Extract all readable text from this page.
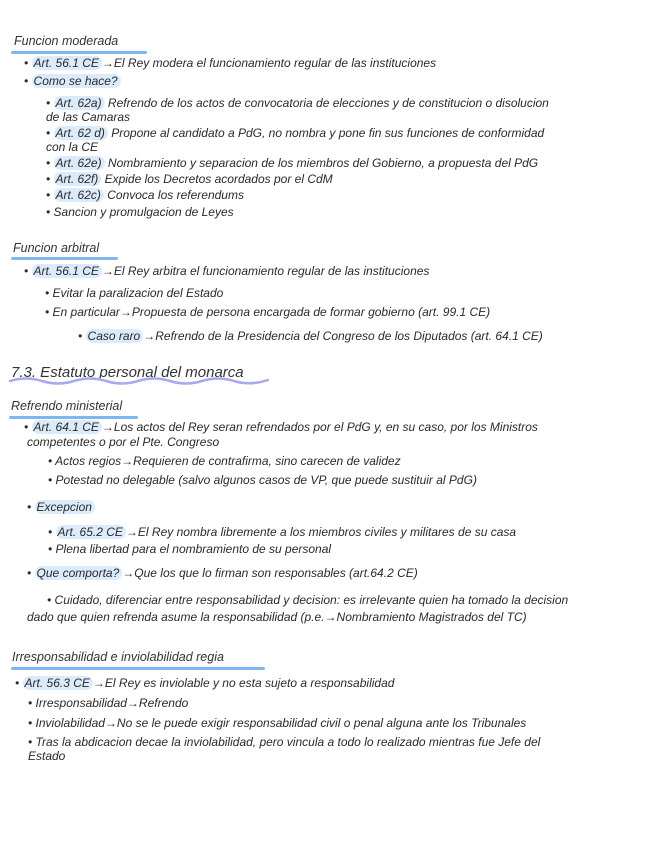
Funcion moderada
• Art. 56.1 CE →El Rey modera el funcionamiento regular de las instituciones
• Como se hace?
• Art. 62a) Refrendo de los actos de convocatoria de elecciones y de constitucion o disolucion
de las Camaras
• Art. 62 d) Propone al candidato a PdG, no nombra y pone fin sus funciones de conformidad
con la CE
• Art. 62e) Nombramiento y separacion de los miembros del Gobierno, a propuesta del PdG
• Art. 62f) Expide los Decretos acordados por el CdM
• Art. 62c) Convoca los referendums
• Sancion y promulgacion de Leyes
Funcion arbitral
• Art. 56.1 CE →El Rey arbitra el funcionamiento regular de las instituciones
• Evitar la paralizacion del Estado
• En particular→Propuesta de persona encargada de formar gobierno (art. 99.1 CE)
• Caso raro →Refrendo de la Presidencia del Congreso de los Diputados (art. 64.1 CE)
7.3. Estatuto personal del monarca
Refrendo ministerial
• Art. 64.1 CE →Los actos del Rey seran refrendados por el PdG y, en su caso, por los Ministros
competentes o por el Pte. Congreso
• Actos regios→Requieren de contrafirma, sino carecen de validez
• Potestad no delegable (salvo algunos casos de VP, que puede sustituir al PdG)
• Excepcion
• Art. 65.2 CE →El Rey nombra libremente a los miembros civiles y militares de su casa
• Plena libertad para el nombramiento de su personal
• Que comporta? →Que los que lo firman son responsables (art.64.2 CE)
• Cuidado, diferenciar entre responsabilidad y decision: es irrelevante quien ha tomado la decision
dado que quien refrenda asume la responsabilidad (p.e.→Nombramiento Magistrados del TC)
Irresponsabilidad e inviolabilidad regia
• Art. 56.3 CE →El Rey es inviolable y no esta sujeto a responsabilidad
• Irresponsabilidad→Refrendo
• Inviolabilidad→No se le puede exigir responsabilidad civil o penal alguna ante los Tribunales
• Tras la abdicacion decae la inviolabilidad, pero vincula a todo lo realizado mientras fue Jefe del
Estado
